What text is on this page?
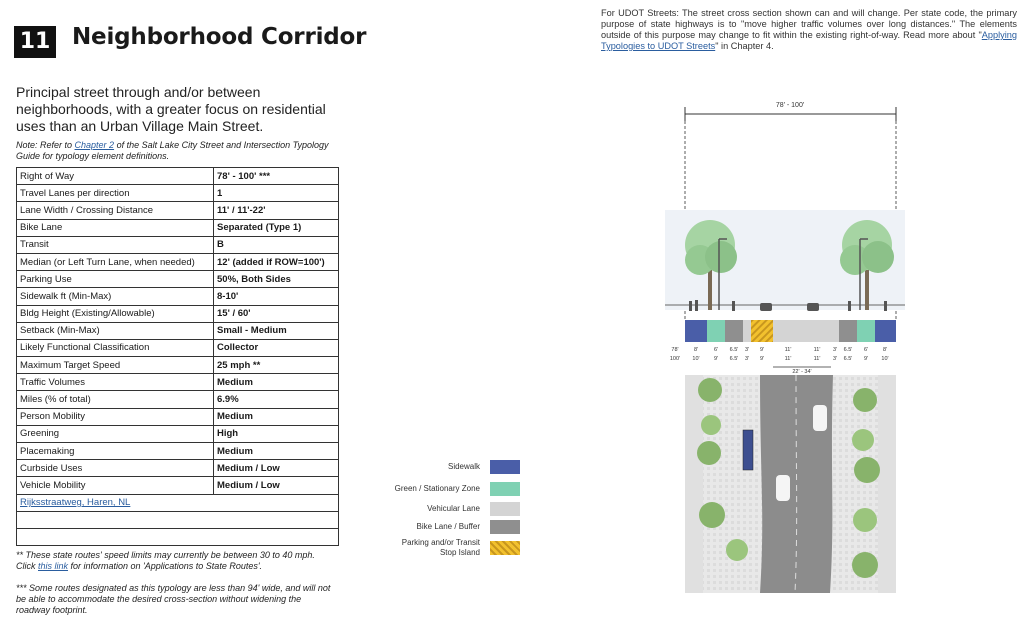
11 Neighborhood Corridor
Principal street through and/or between neighborhoods, with a greater focus on residential uses than an Urban Village Main Street.
Note: Refer to Chapter 2 of the Salt Lake City Street and Intersection Typology Guide for typology element definitions.
Right of Way	78' - 100' ***
Travel Lanes per direction	1
Lane Width / Crossing Distance	11' / 11'-22'
Bike Lane	Separated (Type 1)
Transit	B
Median (or Left Turn Lane, when needed)	12' (added if ROW=100')
Parking Use	50%, Both Sides
Sidewalk ft (Min-Max)	8-10'
Bldg Height (Existing/Allowable)	15' / 60'
Setback (Min-Max)	Small - Medium
Likely Functional Classification	Collector
Maximum Target Speed	25 mph **
Traffic Volumes	Medium
Miles (% of total)	6.9%
Person Mobility	Medium
Greening	High
Placemaking	Medium
Curbside Uses	Medium / Low
Vehicle Mobility	Medium / Low
Rijksstraatweg, Haren, NL	

** These state routes' speed limits may currently be between 30 to 40 mph. Click this link for information on 'Applications to State Routes'.
*** Some routes designated as this typology are less than 94' wide, and will not be able to accommodate the desired cross-section without widening the roadway footprint.
For UDOT Streets: The street cross section shown can and will change. Per state code, the primary purpose of state highways is to "move higher traffic volumes over long distances." The elements outside of this purpose may change to fit within the existing right-of-way. Read more about "Applying Typologies to UDOT Streets" in Chapter 4.
Sidewalk
Green / Stationary Zone
Vehicular Lane
Bike Lane / Buffer
Parking and/or Transit Stop Island
78' - 100'
78'	8'	6' 6.5' 3' 9'	11'	11' 3' 6.5' 6'	8'
100' 10'	9' 6.5' 3' 9'	11'	11' 3' 6.5' 9' 10'
22' - 34'
